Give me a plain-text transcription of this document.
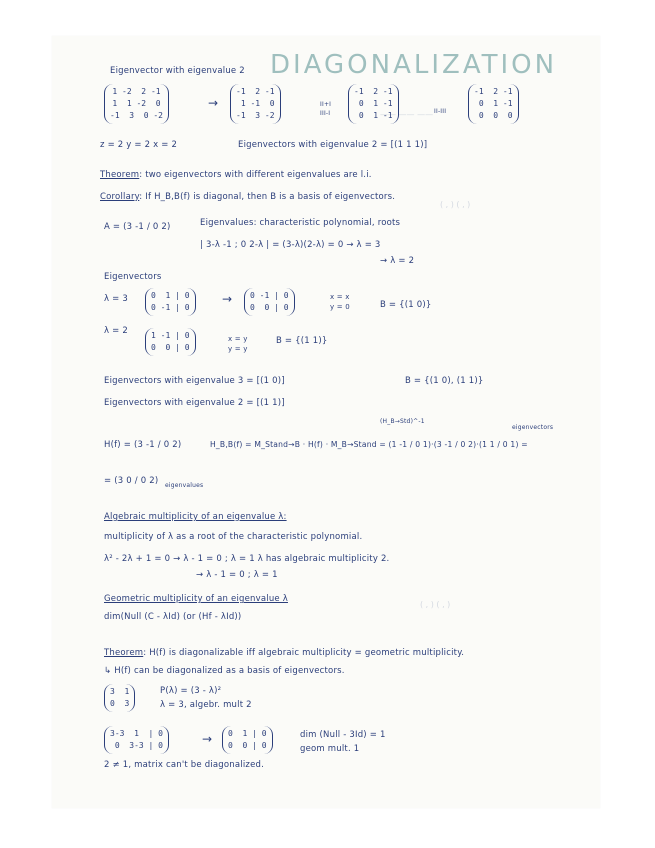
DIAGONALIZATION
—— —— ——
( , ) ( , )
( , ) ( , )
Eigenvector with eigenvalue 2
1 -2  2 -1
1  1 -2  0
-1  3  0 -2
→
-1  2 -1
1 -1  0
-1  3 -2
II+I
III-I
-1  2 -1
0  1 -1
0  1 -1	II-III
-1  2 -1
0  1 -1
0  0  0
z = 2 y = 2 x = 2	Eigenvectors with eigenvalue 2 = [(1 1 1)]
Theorem: two eigenvectors with different eigenvalues are l.i.
Corollary: If H_B,B(f) is diagonal, then B is a basis of eigenvectors.
A = (3 -1 / 0 2)	Eigenvalues: characteristic polynomial, roots
| 3-λ -1 ; 0 2-λ | = (3-λ)(2-λ) = 0 → λ = 3
→ λ = 2
Eigenvectors
λ = 3	0  1 | 0
0 -1 | 0
→	0 -1 | 0
0  0 | 0
x = x
y = 0	B = {(1 0)}
λ = 2	1 -1 | 0
0  0 | 0
x = y
y = y
B = {(1 1)}
Eigenvectors with eigenvalue 3 = [(1 0)]	B = {(1 0), (1 1)}
Eigenvectors with eigenvalue 2 = [(1 1)]
(H_B→Std)^-1
eigenvectors
H(f) = (3 -1 / 0 2)	H_B,B(f) = M_Stand→B · H(f) · M_B→Stand = (1 -1 / 0 1)·(3 -1 / 0 2)·(1 1 / 0 1) =
= (3 0 / 0 2) eigenvalues
Algebraic multiplicity of an eigenvalue λ:
multiplicity of λ as a root of the characteristic polynomial.
λ² - 2λ + 1 = 0 → λ - 1 = 0 ; λ = 1 λ has algebraic multiplicity 2.
→ λ - 1 = 0 ; λ = 1
Geometric multiplicity of an eigenvalue λ
dim(Null (C - λId) (or (Hf - λId))
Theorem: H(f) is diagonalizable iff algebraic multiplicity = geometric multiplicity.
↳ H(f) can be diagonalized as a basis of eigenvectors.
3  1
0  3
P(λ) = (3 - λ)²
λ = 3, algebr. mult 2
3-3  1  | 0
0  3-3 | 0	→	0  1 | 0
0  0 | 0
dim (Null - 3Id) = 1
geom mult. 1
2 ≠ 1, matrix can't be diagonalized.
